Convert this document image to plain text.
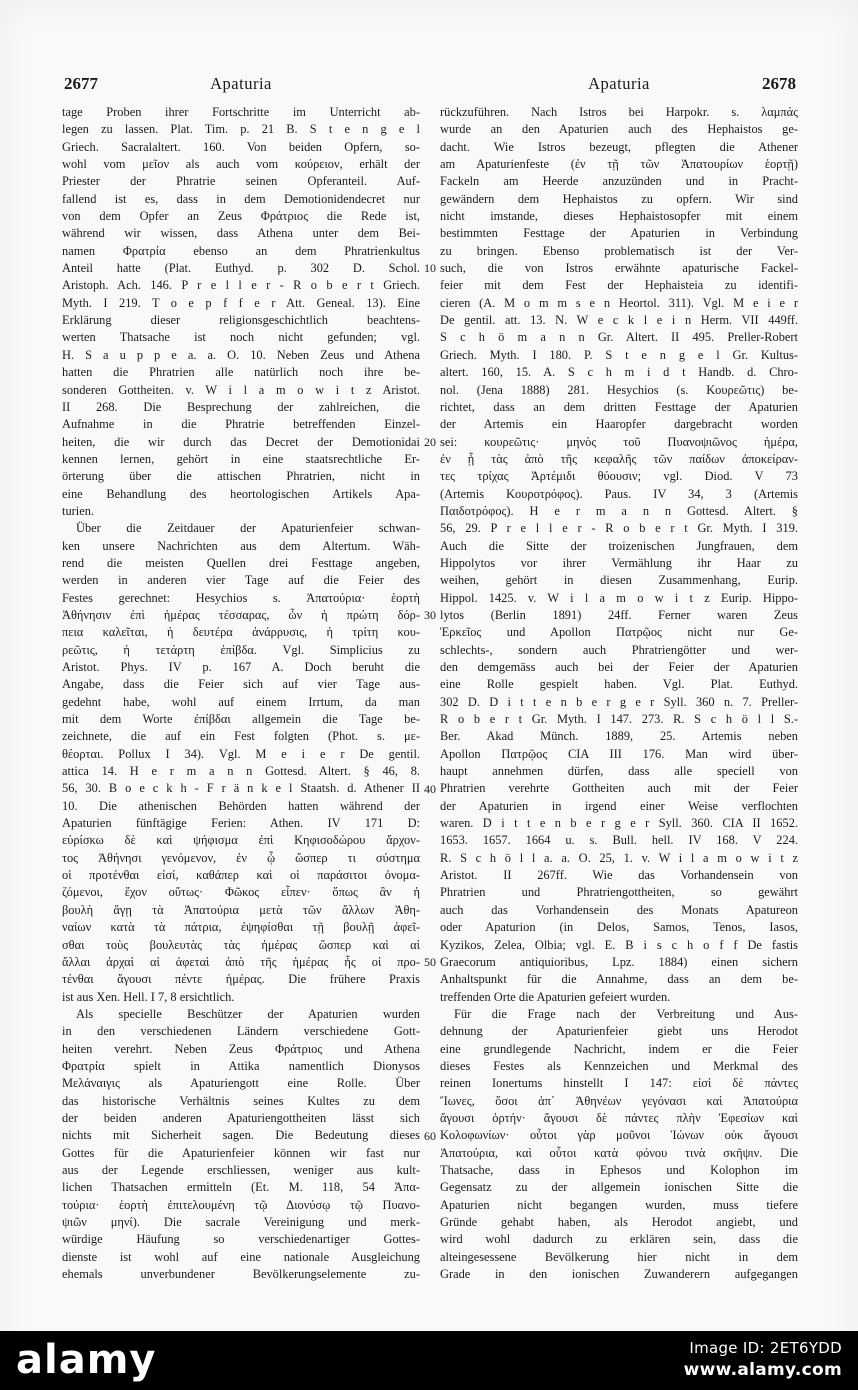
2677	Apaturia	Apaturia	2678
tage Proben ihrer Fortschritte im Unterricht ab-
legen zu lassen. Plat. Tim. p. 21 B. S t e n g e l
Griech. Sacralaltert. 160. Von beiden Opfern, so-
wohl vom μεῖον als auch vom κούρειον, erhält der
Priester der Phratrie seinen Opferanteil. Auf-
fallend ist es, dass in dem Demotionidendecret nur
von dem Opfer an Zeus Φράτριος die Rede ist,
während wir wissen, dass Athena unter dem Bei-
namen Φρατρία ebenso an dem Phratrienkultus
Anteil hatte (Plat. Euthyd. p. 302 D. Schol.
Aristoph. Ach. 146. P r e l l e r - R o b e r t Griech.
Myth. I 219. T o e p f f e r Att. Geneal. 13). Eine
Erklärung dieser religionsgeschichtlich beachtens-
werten Thatsache ist noch nicht gefunden; vgl.
H. S a u p p e a. a. O. 10. Neben Zeus und Athena
hatten die Phratrien alle natürlich noch ihre be-
sonderen Gottheiten. v. W i l a m o w i t z Aristot.
II 268. Die Besprechung der zahlreichen, die
Aufnahme in die Phratrie betreffenden Einzel-
heiten, die wir durch das Decret der Demotionidai
kennen lernen, gehört in eine staatsrechtliche Er-
örterung über die attischen Phratrien, nicht in
eine Behandlung des heortologischen Artikels Apa-
turien.
Über die Zeitdauer der Apaturienfeier schwan-
ken unsere Nachrichten aus dem Altertum. Wäh-
rend die meisten Quellen drei Festtage angeben,
werden in anderen vier Tage auf die Feier des
Festes gerechnet: Hesychios s. Ἀπατούρια· ἑορτὴ
Ἀθήνησιν ἐπὶ ἡμέρας τέσσαρας, ὧν ἡ πρώτη δόρ-
πεια καλεῖται, ἡ δευτέρα ἀνάρρυσις, ἡ τρίτη κου-
ρεῶτις, ἡ τετάρτη ἐπίβδα. Vgl. Simplicius zu
Aristot. Phys. IV p. 167 A. Doch beruht die
Angabe, dass die Feier sich auf vier Tage aus-
gedehnt habe, wohl auf einem Irrtum, da man
mit dem Worte ἐπίβδαι allgemein die Tage be-
zeichnete, die auf ein Fest folgten (Phot. s. με-
θέορται. Pollux I 34). Vgl. M e i e r De gentil.
attica 14. H e r m a n n Gottesd. Altert. § 46, 8.
56, 30. B o e c k h - F r ä n k e l Staatsh. d. Athener II
10. Die athenischen Behörden hatten während der
Apaturien fünftägige Ferien: Athen. IV 171 D:
εὑρίσκω δὲ καὶ ψήφισμα ἐπὶ Κηφισοδώρου ἄρχον-
τος Ἀθήνησι γενόμενον, ἐν ᾧ ὥσπερ τι σύστημα
οἱ προτένθαι εἰσί, καθάπερ καὶ οἱ παράσιτοι ὀνομα-
ζόμενοι, ἔχον οὕτως· Φῶκος εἶπεν· ὅπως ἂν ἡ
βουλὴ ἄγῃ τὰ Ἀπατούρια μετὰ τῶν ἄλλων Ἀθη-
ναίων κατὰ τὰ πάτρια, ἐψηφίσθαι τῇ βουλῇ ἀφεῖ-
σθαι τοὺς βουλευτὰς τὰς ἡμέρας ὥσπερ καὶ αἱ
ἄλλαι ἀρχαὶ αἱ ἀφεταὶ ἀπὸ τῆς ἡμέρας ἧς οἱ προ-
τένθαι ἄγουσι πέντε ἡμέρας. Die frühere Praxis
ist aus Xen. Hell. I 7, 8 ersichtlich.
Als specielle Beschützer der Apaturien wurden
in den verschiedenen Ländern verschiedene Gott-
heiten verehrt. Neben Zeus Φράτριος und Athena
Φρατρία spielt in Attika namentlich Dionysos
Μελάναιγις als Apaturiengott eine Rolle. Über
das historische Verhältnis seines Kultes zu dem
der beiden anderen Apaturiengottheiten lässt sich
nichts mit Sicherheit sagen. Die Bedeutung dieses
Gottes für die Apaturienfeier können wir fast nur
aus der Legende erschliessen, weniger aus kult-
lichen Thatsachen ermitteln (Et. M. 118, 54 Ἀπα-
τούρια· ἑορτὴ ἐπιτελουμένη τῷ Διονύσῳ τῷ Πυανο-
ψιῶν μηνί). Die sacrale Vereinigung und merk-
würdige Häufung so verschiedenartiger Gottes-
dienste ist wohl auf eine nationale Ausgleichung
ehemals unverbundener Bevölkerungselemente zu-
rückzuführen. Nach Istros bei Harpokr. s. λαμπάς
wurde an den Apaturien auch des Hephaistos ge-
dacht. Wie Istros bezeugt, pflegten die Athener
am Apaturienfeste (ἐν τῇ τῶν Ἀπατουρίων ἑορτῇ)
Fackeln am Heerde anzuzünden und in Pracht-
gewändern dem Hephaistos zu opfern. Wir sind
nicht imstande, dieses Hephaistosopfer mit einem
bestimmten Festtage der Apaturien in Verbindung
zu bringen. Ebenso problematisch ist der Ver-
such, die von Istros erwähnte apaturische Fackel-
feier mit dem Fest der Hephaisteia zu identifi-
cieren (A. M o m m s e n Heortol. 311). Vgl. M e i e r
De gentil. att. 13. N. W e c k l e i n Herm. VII 449ff.
S c h ö m a n n Gr. Altert. II 495. Preller-Robert
Griech. Myth. I 180. P. S t e n g e l Gr. Kultus-
altert. 160, 15. A. S c h m i d t Handb. d. Chro-
nol. (Jena 1888) 281. Hesychios (s. Κουρεῶτις) be-
richtet, dass an dem dritten Festtage der Apaturien
der Artemis ein Haaropfer dargebracht worden
sei: κουρεῶτις· μηνὸς τοῦ Πυανοψιῶνος ἡμέρα,
ἐν ᾗ τὰς ἀπὸ τῆς κεφαλῆς τῶν παίδων ἀποκείραν-
τες τρίχας Ἀρτέμιδι θύουσιν; vgl. Diod. V 73
(Artemis Κουροτρόφος). Paus. IV 34, 3 (Artemis
Παιδοτρόφος). H e r m a n n Gottesd. Altert. §
56, 29. P r e l l e r - R o b e r t Gr. Myth. I 319.
Auch die Sitte der troizenischen Jungfrauen, dem
Hippolytos vor ihrer Vermählung ihr Haar zu
weihen, gehört in diesen Zusammenhang, Eurip.
Hippol. 1425. v. W i l a m o w i t z Eurip. Hippo-
lytos (Berlin 1891) 24ff. Ferner waren Zeus
Ἑρκεῖος und Apollon Πατρῷος nicht nur Ge-
schlechts-, sondern auch Phratriengötter und wer-
den demgemäss auch bei der Feier der Apaturien
eine Rolle gespielt haben. Vgl. Plat. Euthyd.
302 D. D i t t e n b e r g e r Syll. 360 n. 7. Preller-
R o b e r t Gr. Myth. I 147. 273. R. S c h ö l l S.-
Ber. Akad Münch. 1889, 25. Artemis neben
Apollon Πατρῷος CIA III 176. Man wird über-
haupt annehmen dürfen, dass alle speciell von
Phratrien verehrte Gottheiten auch mit der Feier
der Apaturien in irgend einer Weise verflochten
waren. D i t t e n b e r g e r Syll. 360. CIA II 1652.
1653. 1657. 1664 u. s. Bull. hell. IV 168. V 224.
R. S c h ö l l a. a. O. 25, 1. v. W i l a m o w i t z
Aristot. II 267ff. Wie das Vorhandensein von
Phratrien und Phratriengottheiten, so gewährt
auch das Vorhandensein des Monats Apatureon
oder Apaturion (in Delos, Samos, Tenos, Iasos,
Kyzikos, Zelea, Olbia; vgl. E. B i s c h o f f De fastis
Graecorum antiquioribus, Lpz. 1884) einen sichern
Anhaltspunkt für die Annahme, dass an dem be-
treffenden Orte die Apaturien gefeiert wurden.
Für die Frage nach der Verbreitung und Aus-
dehnung der Apaturienfeier giebt uns Herodot
eine grundlegende Nachricht, indem er die Feier
dieses Festes als Kennzeichen und Merkmal des
reinen Ionertums hinstellt I 147: εἰσὶ δὲ πάντες
Ἴωνες, ὅσοι ἀπ᾽ Ἀθηνέων γεγόνασι καὶ Ἀπατούρια
ἄγουσι ὁρτήν· ἄγουσι δὲ πάντες πλὴν Ἐφεσίων καὶ
Κολοφωνίων· οὗτοι γὰρ μοῦνοι Ἰώνων οὐκ ἄγουσι
Ἀπατούρια, καὶ οὗτοι κατὰ φόνου τινὰ σκῆψιν. Die
Thatsache, dass in Ephesos und Kolophon im
Gegensatz zu der allgemein ionischen Sitte die
Apaturien nicht begangen wurden, muss tiefere
Gründe gehabt haben, als Herodot angiebt, und
wird wohl dadurch zu erklären sein, dass die
alteingesessene Bevölkerung hier nicht in dem
Grade in den ionischen Zuwanderern aufgegangen
10
20
30
40
50
60
alamy	Image ID: 2ET6YDD
www.alamy.com
